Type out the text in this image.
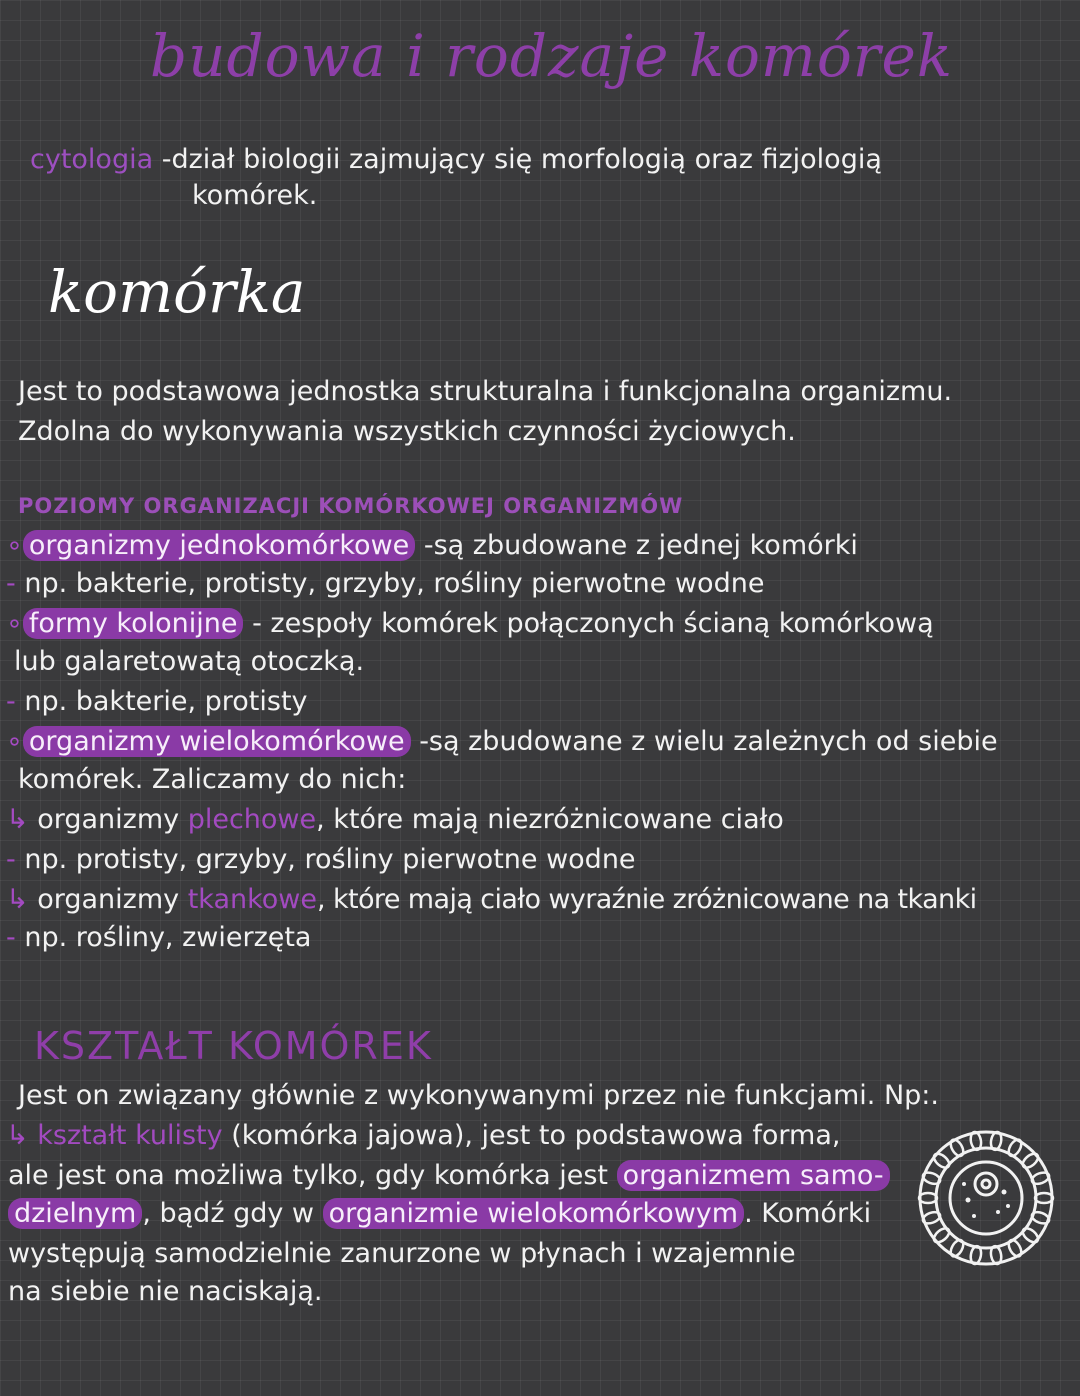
budowa i rodzaje komórek
cytologia -dział biologii zajmujący się morfologią oraz fizjologią
komórek.
komórka
Jest to podstawowa jednostka strukturalna i funkcjonalna organizmu.
Zdolna do wykonywania wszystkich czynności życiowych.
POZIOMY ORGANIZACJI KOMÓRKOWEJ ORGANIZMÓW
∘ organizmy jednokomórkowe -są zbudowane z jednej komórki
- np. bakterie, protisty, grzyby, rośliny pierwotne wodne
∘ formy kolonijne - zespoły komórek połączonych ścianą komórkową
lub galaretowatą otoczką.
- np. bakterie, protisty
∘ organizmy wielokomórkowe -są zbudowane z wielu zależnych od siebie
komórek. Zaliczamy do nich:
↳ organizmy plechowe, które mają niezróżnicowane ciało
- np. protisty, grzyby, rośliny pierwotne wodne
↳ organizmy tkankowe, które mają ciało wyraźnie zróżnicowane na tkanki
- np. rośliny, zwierzęta
KSZTAŁT KOMÓREK
Jest on związany głównie z wykonywanymi przez nie funkcjami. Np:.
↳ kształt kulisty (komórka jajowa), jest to podstawowa forma,
ale jest ona możliwa tylko, gdy komórka jest organizmem samo-
dzielnym , bądź gdy w organizmie wielokomórkowym . Komórki
występują samodzielnie zanurzone w płynach i wzajemnie
na siebie nie naciskają.
